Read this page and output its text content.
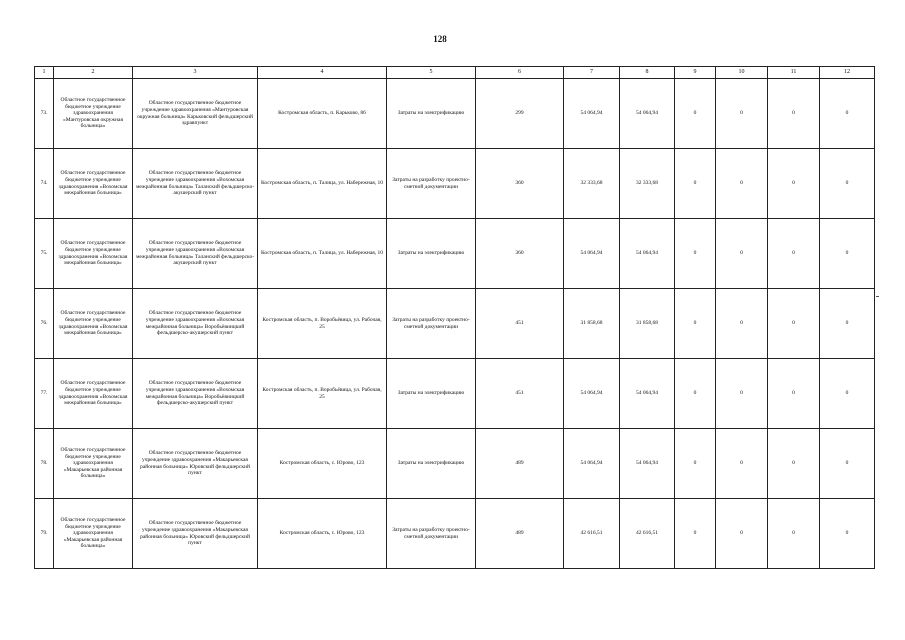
128
1	2	3	4	5	6	7	8	9	10	11	12
73.	Областное государственное бюджетное учреждение здравоохранения «Мантуровская окружная больница»	Областное государственное бюджетное учреждение здравоохранения «Мантуровская окружная больница» Карьковский фельдшерский здравпункт	Костромская область, п. Карьково, 86	Затраты на электрификацию	299	54 064,94	54 064,94	0	0	0	0
74.	Областное государственное бюджетное учреждение здравоохранения «Вохомская межрайонная больница»	Областное государственное бюджетное учреждение здравоохранения «Вохомская межрайонная больница» Таланский фельдшерско-акушерский пункт	Костромская область, п. Талица, ул. Набережная, 10	Затраты на разработку проектно-сметной документации	360	32 333,68	32 333,68	0	0	0	0
75.	Областное государственное бюджетное учреждение здравоохранения «Вохомская межрайонная больница»	Областное государственное бюджетное учреждение здравоохранения «Вохомская межрайонная больница» Таланский фельдшерско-акушерский пункт	Костромская область, п. Талица, ул. Набережная, 10	Затраты на электрификацию	360	54 064,94	54 064,94	0	0	0	0
76.	Областное государственное бюджетное учреждение здравоохранения «Вохомская межрайонная больница»	Областное государственное бюджетное учреждение здравоохранения «Вохомская межрайонная больница» Воробьёвиицкий фельдшерско-акушерский пункт	Костромская область, п. Воробьёвица, ул. Рабочая, 25	Затраты на разработку проектно-сметной документации	451	31 858,68	31 858,68	0	0	0	0
77.	Областное государственное бюджетное учреждение здравоохранения «Вохомская межрайонная больница»	Областное государственное бюджетное учреждение здравоохранения «Вохомская межрайонная больница» Воробьёвиицкий фельдшерско-акушерский пункт	Костромская область, п. Воробьёвица, ул. Рабочая, 25	Затраты на электрификацию	451	54 064,94	54 064,94	0	0	0	0
78.	Областное государственное бюджетное учреждение здравоохранения «Макарьевская районная больница»	Областное государственное бюджетное учреждение здравоохранения «Макарьевская районная больница» Юровский фельдшерский пункт	Костромская область, с. Юрово, 123	Затраты на электрификацию	489	54 064,94	54 064,94	0	0	0	0
79.	Областное государственное бюджетное учреждение здравоохранения «Макарьевская районная больница»	Областное государственное бюджетное учреждение здравоохранения «Макарьевская районная больница» Юровский фельдшерский пункт	Костромская область, с. Юрово, 123	Затраты на разработку проектно-сметной документации	489	42 616,51	42 616,51	0	0	0	0
